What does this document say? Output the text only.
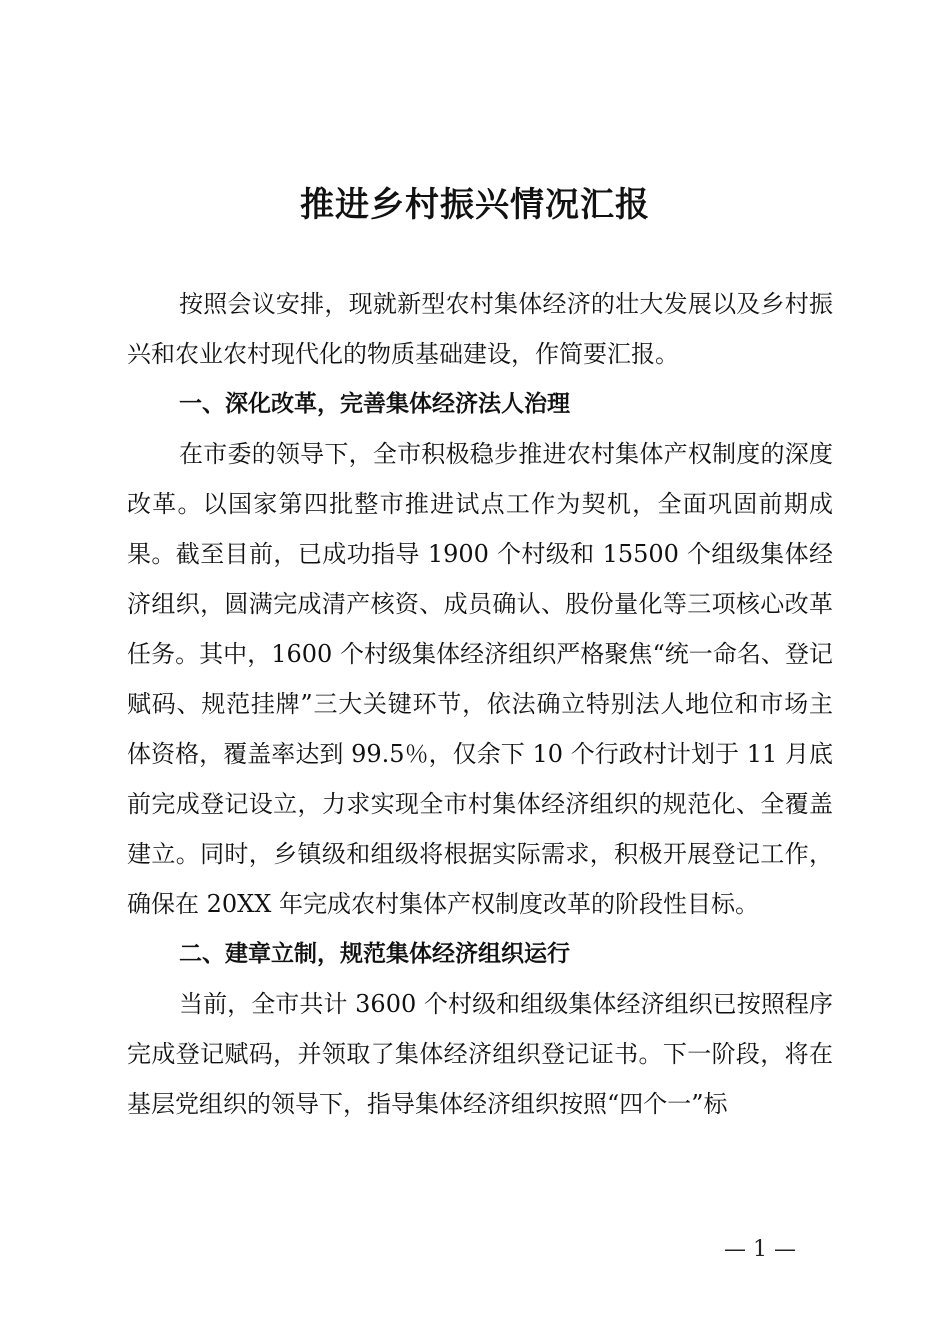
推进乡村振兴情况汇报

按照会议安排，现就新型农村集体经济的壮大发展以及乡村振兴和农业农村现代化的物质基础建设，作简要汇报。

一、深化改革，完善集体经济法人治理

在市委的领导下，全市积极稳步推进农村集体产权制度的深度改革。以国家第四批整市推进试点工作为契机，全面巩固前期成果。截至目前，已成功指导 1900 个村级和 15500 个组级集体经济组织，圆满完成清产核资、成员确认、股份量化等三项核心改革任务。其中，1600 个村级集体经济组织严格聚焦“统一命名、登记赋码、规范挂牌”三大关键环节，依法确立特别法人地位和市场主体资格，覆盖率达到 99.5％，仅余下 10 个行政村计划于 11 月底前完成登记设立，力求实现全市村集体经济组织的规范化、全覆盖建立。同时，乡镇级和组级将根据实际需求，积极开展登记工作，确保在 20XX 年完成农村集体产权制度改革的阶段性目标。

二、建章立制，规范集体经济组织运行

当前，全市共计 3600 个村级和组级集体经济组织已按照程序完成登记赋码，并领取了集体经济组织登记证书。下一阶段，将在基层党组织的领导下，指导集体经济组织按照“四个一”标

— 1 —
